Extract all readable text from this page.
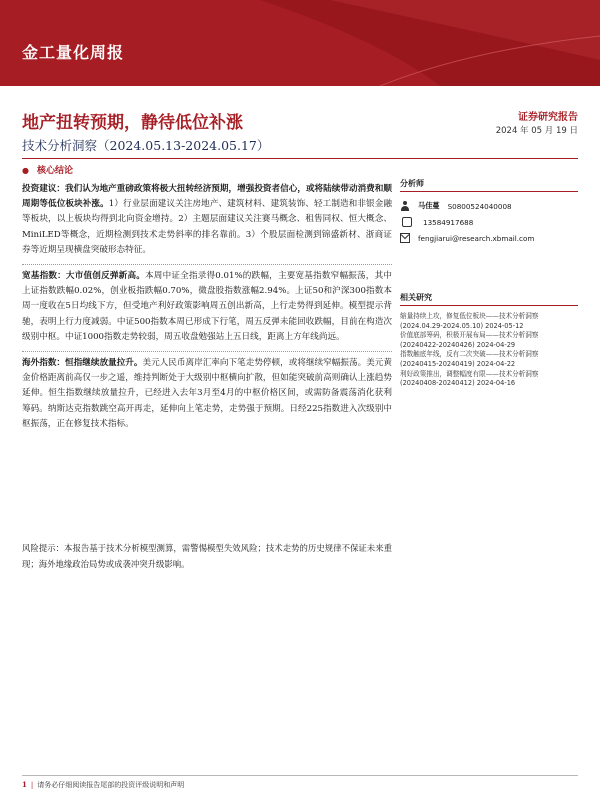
金工量化周报
地产扭转预期，静待低位补涨	证券研究报告
2024 年 05 月 19 日
技术分析洞察（2024.05.13-2024.05.17）
● 核心结论

投资建议：我们认为地产重磅政策将极大扭转经济预期，增强投资者信心，或将陆续带动消费和顺周期等低位板块补涨。1）行业层面建议关注房地产、建筑材料、建筑装饰、轻工制造和非银金融等板块，以上板块均得到北向资金增持。2）主题层面建议关注赛马概念、租售同权、恒大概念、MiniLED等概念，近期检测到技术走势斜率的排名靠前。3）个股层面检测到锦盛新材、浙商证券等近期呈现横盘突破形态特征。

宽基指数：大市值创反弹新高。本周中证全指录得0.01%的跌幅，主要宽基指数窄幅振荡，其中上证指数跌幅0.02%，创业板指跌幅0.70%，微盘股指数涨幅2.94%。上证50和沪深300指数本周一度收在5日均线下方，但受地产利好政策影响周五创出新高，上行走势得到延伸。模型提示背驰，表明上行力度减弱。中证500指数本周已形成下行笔，周五反弹未能回收跌幅，目前在构造次级别中枢。中证1000指数走势较弱，周五收盘勉强站上五日线，距离上方年线尚远。

海外指数：恒指继续放量拉升。美元人民币离岸汇率向下笔走势停顿，或将继续窄幅振荡。美元黄金价格距离前高仅一步之遥，维持判断处于大级别中枢横向扩散，但如能突破前高则确认上涨趋势延伸。恒生指数继续放量拉升，已经进入去年3月至4月的中枢价格区间，或需防备震荡消化获利筹码。纳斯达克指数跳空高开再走，延伸向上笔走势，走势强于预期。日经225指数进入次级别中枢振荡，正在修复技术指标。

风险提示：本报告基于技术分析模型测算，需警惕模型失效风险；技术走势的历史规律不保证未来重现；海外地缘政治局势或成袭冲突升级影响。

分析师
马佳蔓 S0800524040008
13584917688
fengjiarui@research.xbmail.com
相关研究
缩量持续上攻，修复低位板块——技术分析洞察
(2024.04.29-2024.05.10) 2024-05-12
价值底部筹码，积极开展布局——技术分析洞察
(20240422-20240426) 2024-04-29
指数触底年线，反有二次突破——技术分析洞察
(20240415-20240419) 2024-04-22
利好政策推出，调整幅度有限——技术分析洞察
(20240408-20240412) 2024-04-16
1 | 请务必仔细阅读报告尾部的投资评级说明和声明
